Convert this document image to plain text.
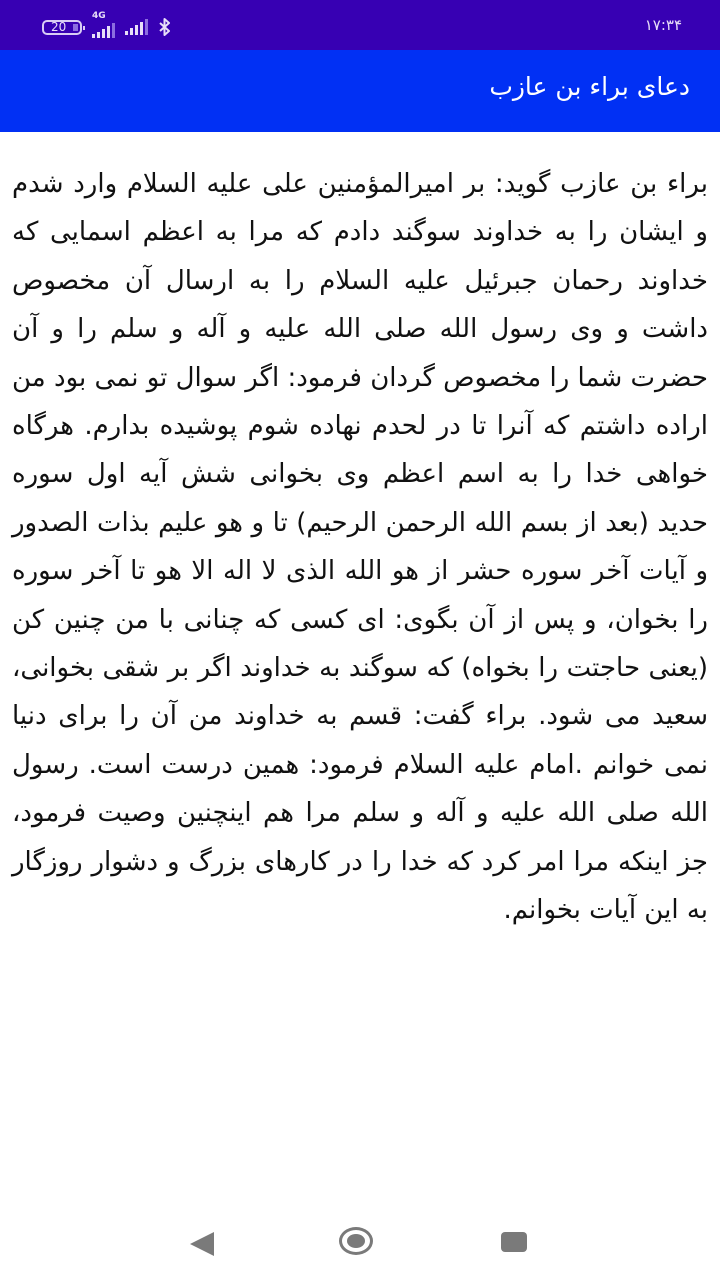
20
4G	۱۷:۳۴
دعای براء بن عازب

براء بن عازب گوید: بر امیرالمؤمنین علی علیه السلام وارد شدم و ایشان را به خداوند سوگند دادم که مرا به اعظم اسمایی که خداوند رحمان جبرئیل علیه السلام را به ارسال آن مخصوص داشت و وی رسول الله صلی الله علیه و آله و سلم را و آن حضرت شما را مخصوص گردان فرمود: اگر سوال تو نمی بود من اراده داشتم که آنرا تا در لحدم نهاده شوم پوشیده بدارم. هرگاه خواهی خدا را به اسم اعظم وی بخوانی شش آیه اول سوره حدید (بعد از بسم الله الرحمن الرحیم) تا و هو علیم بذات الصدور و آیات آخر سوره حشر از هو الله الذی لا اله الا هو تا آخر سوره را بخوان، و پس از آن بگوی: ای کسی که چنانی با من چنین کن (یعنی حاجتت را بخواه) که سوگند به خداوند اگر بر شقی بخوانی، سعید می شود. براء گفت: قسم به خداوند من آن را برای دنیا نمی خوانم .امام علیه السلام فرمود: همین درست است. رسول الله صلی الله علیه و آله و سلم مرا هم اینچنین وصیت فرمود، جز اینکه مرا امر کرد که خدا را در کارهای بزرگ و دشوار روزگار به این آیات بخوانم.
